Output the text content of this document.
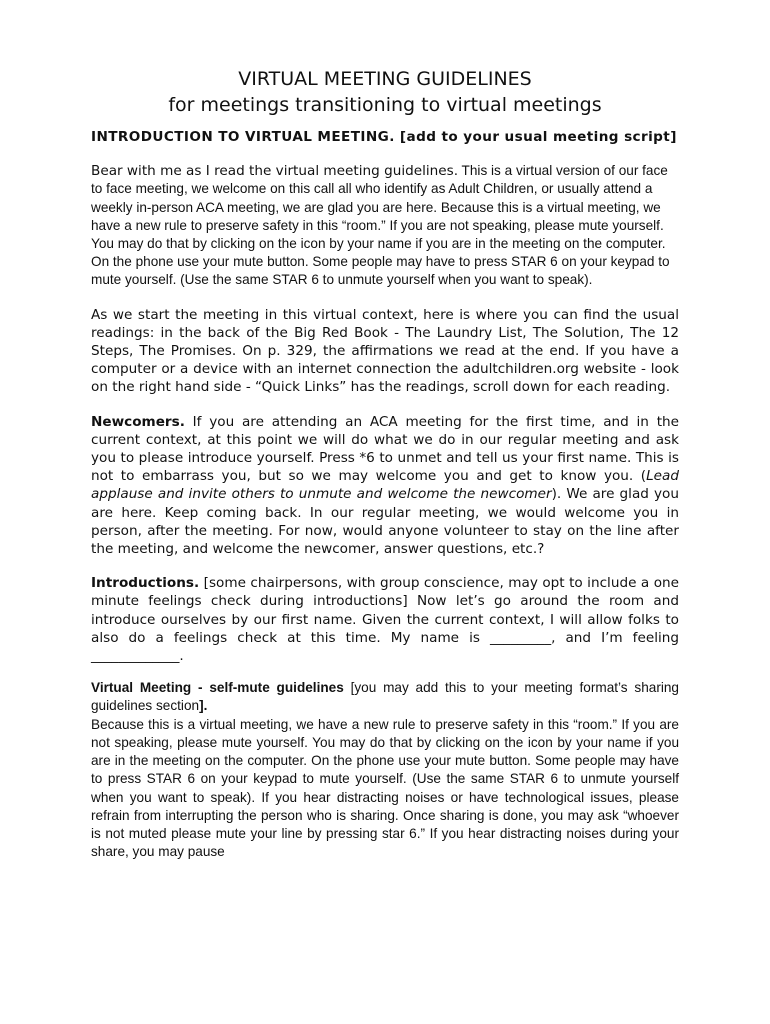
VIRTUAL MEETING GUIDELINES
for meetings transitioning to virtual meetings

INTRODUCTION TO VIRTUAL MEETING. [add to your usual meeting script]

Bear with me as I read the virtual meeting guidelines. This is a virtual version of our face to face meeting, we welcome on this call all who identify as Adult Children, or usually attend a weekly in-person ACA meeting, we are glad you are here. Because this is a virtual meeting, we have a new rule to preserve safety in this “room.” If you are not speaking, please mute yourself. You may do that by clicking on the icon by your name if you are in the meeting on the computer. On the phone use your mute button. Some people may have to press STAR 6 on your keypad to mute yourself. (Use the same STAR 6 to unmute yourself when you want to speak).

As we start the meeting in this virtual context, here is where you can find the usual readings: in the back of the Big Red Book - The Laundry List, The Solution, The 12 Steps, The Promises. On p. 329, the affirmations we read at the end. If you have a computer or a device with an internet connection the adultchildren.org website - look on the right hand side - “Quick Links” has the readings, scroll down for each reading.

Newcomers. If you are attending an ACA meeting for the first time, and in the current context, at this point we will do what we do in our regular meeting and ask you to please introduce yourself. Press *6 to unmet and tell us your first name. This is not to embarrass you, but so we may welcome you and get to know you. (Lead applause and invite others to unmute and welcome the newcomer). We are glad you are here. Keep coming back. In our regular meeting, we would welcome you in person, after the meeting. For now, would anyone volunteer to stay on the line after the meeting, and welcome the newcomer, answer questions, etc.?

Introductions. [some chairpersons, with group conscience, may opt to include a one minute feelings check during introductions] Now let’s go around the room and introduce ourselves by our first name. Given the current context, I will allow folks to also do a feelings check at this time. My name is _________, and I’m feeling _____________.

Virtual Meeting - self-mute guidelines [you may add this to your meeting format’s sharing guidelines section].

Because this is a virtual meeting, we have a new rule to preserve safety in this “room.” If you are not speaking, please mute yourself. You may do that by clicking on the icon by your name if you are in the meeting on the computer. On the phone use your mute button. Some people may have to press STAR 6 on your keypad to mute yourself. (Use the same STAR 6 to unmute yourself when you want to speak). If you hear distracting noises or have technological issues, please refrain from interrupting the person who is sharing. Once sharing is done, you may ask “whoever is not muted please mute your line by pressing star 6.” If you hear distracting noises during your share, you may pause
